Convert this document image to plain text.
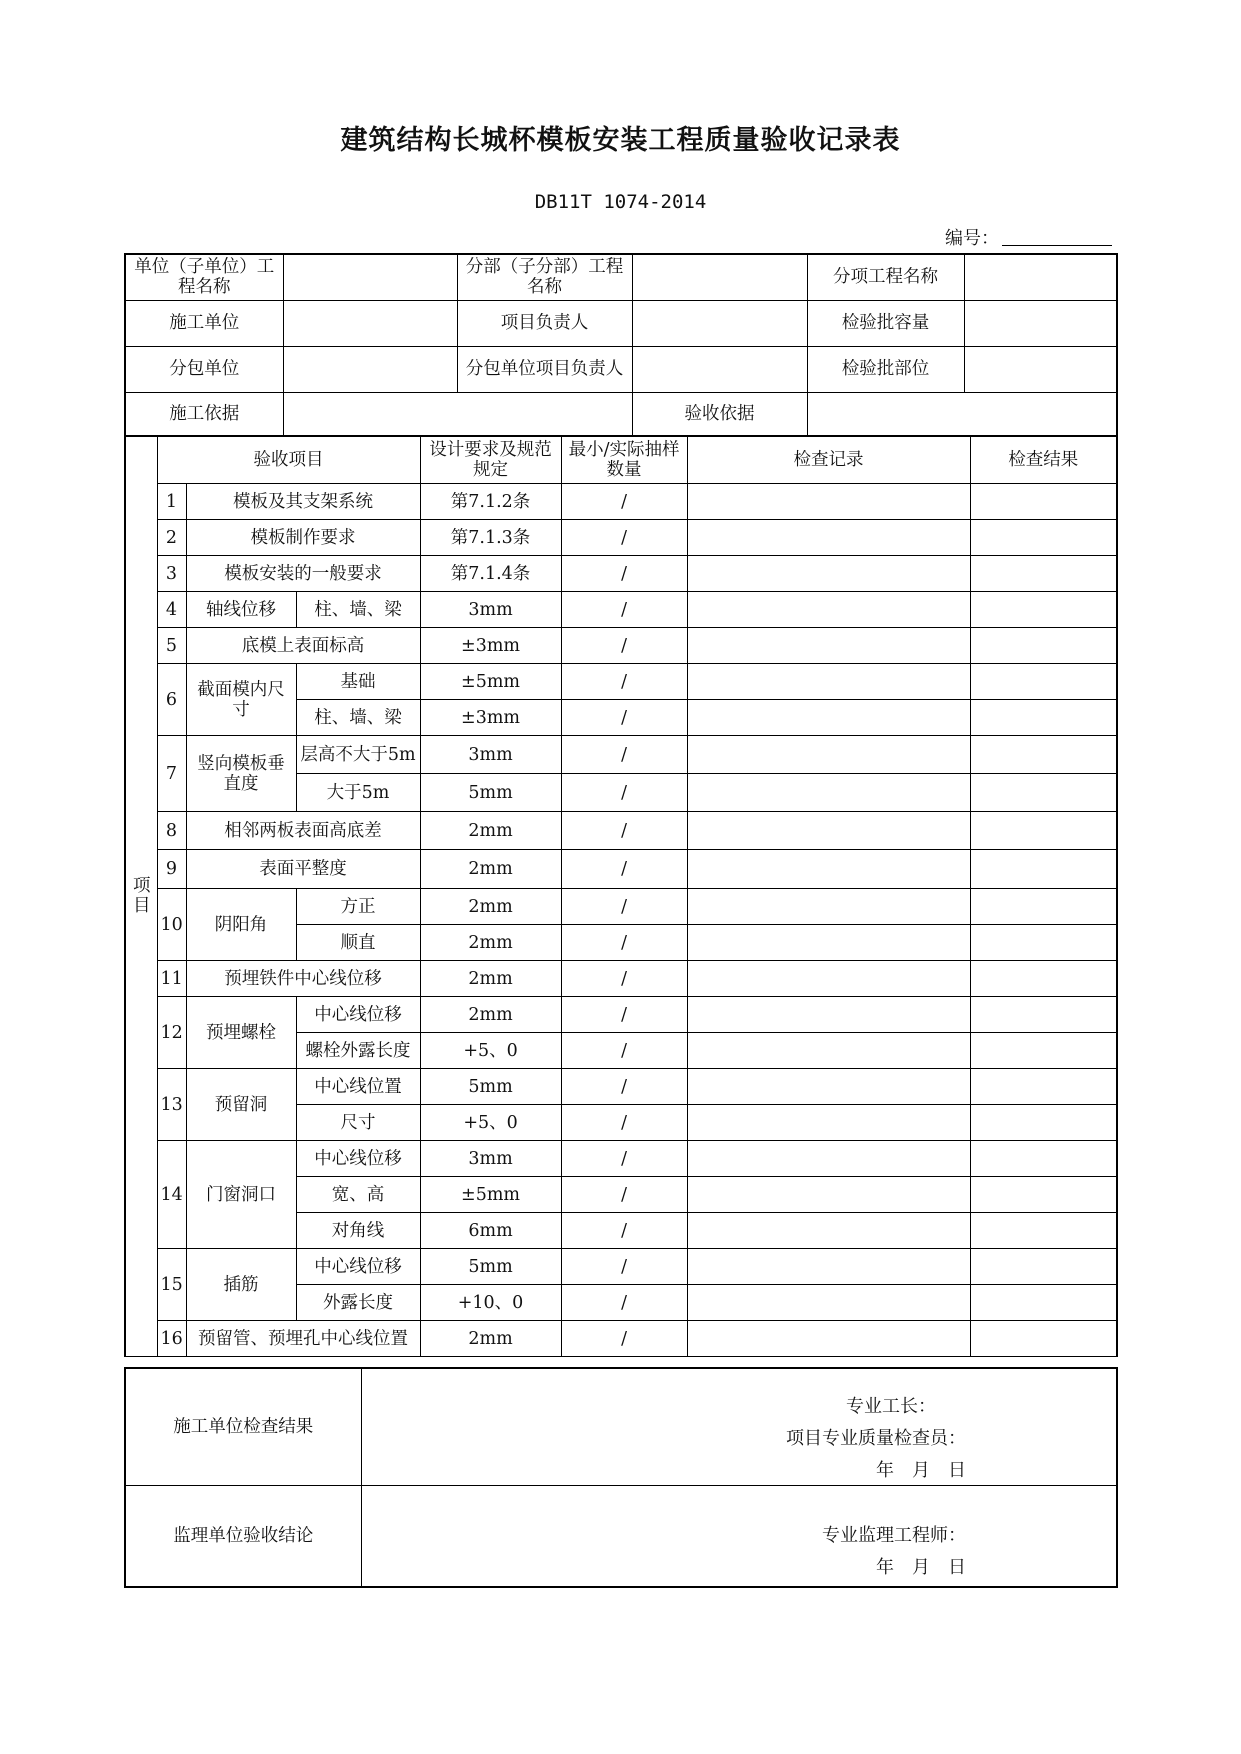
建筑结构长城杯模板安装工程质量验收记录表
DB11T 1074-2014
编号：
单位（子单位）工程名称		分部（子分部）工程名称		分项工程名称	
施工单位		项目负责人		检验批容量	
分包单位		分包单位项目负责人		检验批部位	
施工依据			验收依据		
项目	验收项目			设计要求及规范规定	最小/实际抽样数量	检查记录	检查结果
	1	模板及其支架系统		第7.1.2条	/		
	2	模板制作要求		第7.1.3条	/		
	3	模板安装的一般要求		第7.1.4条	/		
	4	轴线位移	柱、墙、梁	3mm	/		
	5	底模上表面标高		±3mm	/		
	6	截面模内尺寸	基础	±5mm	/		
			柱、墙、梁	±3mm	/		
	7	竖向模板垂直度	层高不大于5m	3mm	/		
			大于5m	5mm	/		
	8	相邻两板表面高底差		2mm	/		
	9	表面平整度		2mm	/		
	10	阴阳角	方正	2mm	/		
			顺直	2mm	/		
	11	预埋铁件中心线位移		2mm	/		
	12	预埋螺栓	中心线位移	2mm	/		
			螺栓外露长度	+5、0	/		
	13	预留洞	中心线位置	5mm	/		
			尺寸	+5、0	/		
	14	门窗洞口	中心线位移	3mm	/		
			宽、高	±5mm	/		
			对角线	6mm	/		
	15	插筋	中心线位移	5mm	/		
			外露长度	+10、0	/		
	16	预留管、预埋孔中心线位置		2mm	/		
施工单位检查结果	专业工长：
项目专业质量检查员：
年　月　日

监理单位验收结论	专业监理工程师：
年　月　日
